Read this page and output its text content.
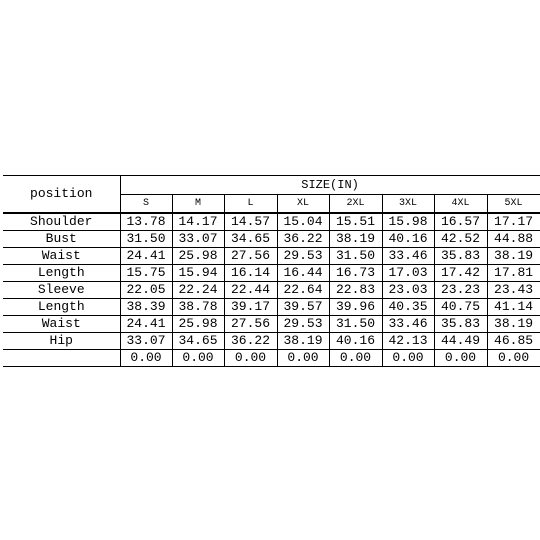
position	SIZE(IN)							
	S	M	L	XL	2XL	3XL	4XL	5XL
Shoulder	13.78	14.17	14.57	15.04	15.51	15.98	16.57	17.17
Bust	31.50	33.07	34.65	36.22	38.19	40.16	42.52	44.88
Waist	24.41	25.98	27.56	29.53	31.50	33.46	35.83	38.19
Length	15.75	15.94	16.14	16.44	16.73	17.03	17.42	17.81
Sleeve	22.05	22.24	22.44	22.64	22.83	23.03	23.23	23.43
Length	38.39	38.78	39.17	39.57	39.96	40.35	40.75	41.14
Waist	24.41	25.98	27.56	29.53	31.50	33.46	35.83	38.19
Hip	33.07	34.65	36.22	38.19	40.16	42.13	44.49	46.85
	0.00	0.00	0.00	0.00	0.00	0.00	0.00	0.00
